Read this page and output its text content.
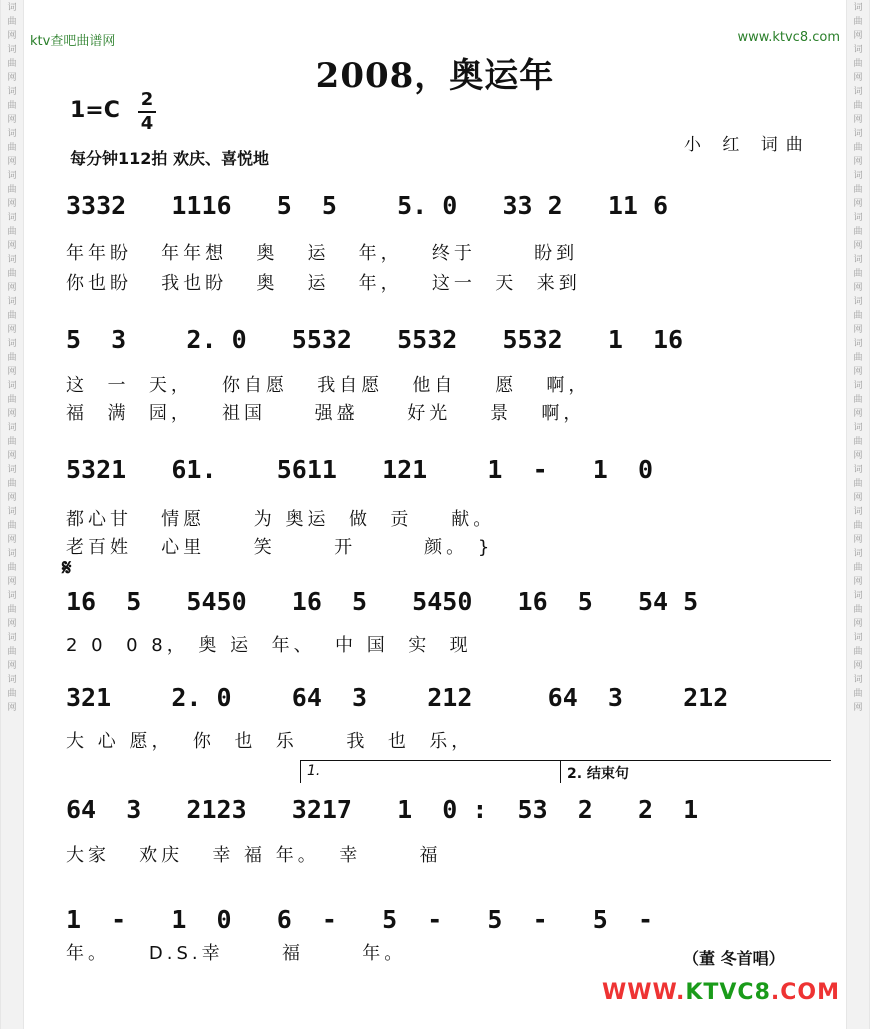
词
曲
网
词
曲
网
词
曲
网
词
曲
网
词
曲
网
词
曲
网
词
曲
网
词
曲
网
词
曲
网
词
曲
网
词
曲
网
词
曲
网
词
曲
网
词
曲
网
词
曲
网
词
曲
网
词
曲
网
词
曲
网
词
曲
网
词
曲
网
词
曲
网
词
曲
网
词
曲
网
词
曲
网
词
曲
网
词
曲
网
词
曲
网
词
曲
网
词
曲
网
词
曲
网
词
曲
网
词
曲
网
词
曲
网
词
曲
网
ktv查吧曲谱网	www.ktvc8.com
2008，奥运年
1=C 2
4
每分钟112拍 欢庆、喜悦地
小 红 词曲
3332   1116   5  5    5. 0   33 2   11 6
年年盼   年年想   奥   运   年，   终于      盼到
你也盼   我也盼   奥   运   年，   这一  天  来到
5  3    2. 0   5532   5532   5532   1  16
这  一  天，   你自愿   我自愿   他自    愿   啊，
福  满  园，   祖国     强盛     好光    景   啊，
5321   61.    5611   121    1  -   1  0
都心甘   情愿     为 奥运  做  贡    献。
老百姓   心里     笑      开       颜。 }
𝄋
16  5   5450   16  5   5450   16  5   54 5
2 0  0 8， 奥 运  年、  中 国  实  现
321    2. 0    64  3    212     64  3    212
大 心 愿，  你  也  乐     我  也  乐，
1.	2. 结束句
64  3   2123   3217   1  0 :  53  2   2  1
大家   欢庆   幸 福 年。  幸      福
1  -   1  0   6  -   5  -   5  -   5  -
年。    D.S.幸      福      年。	（董 冬首唱）
WWW.KTVC8.COM
